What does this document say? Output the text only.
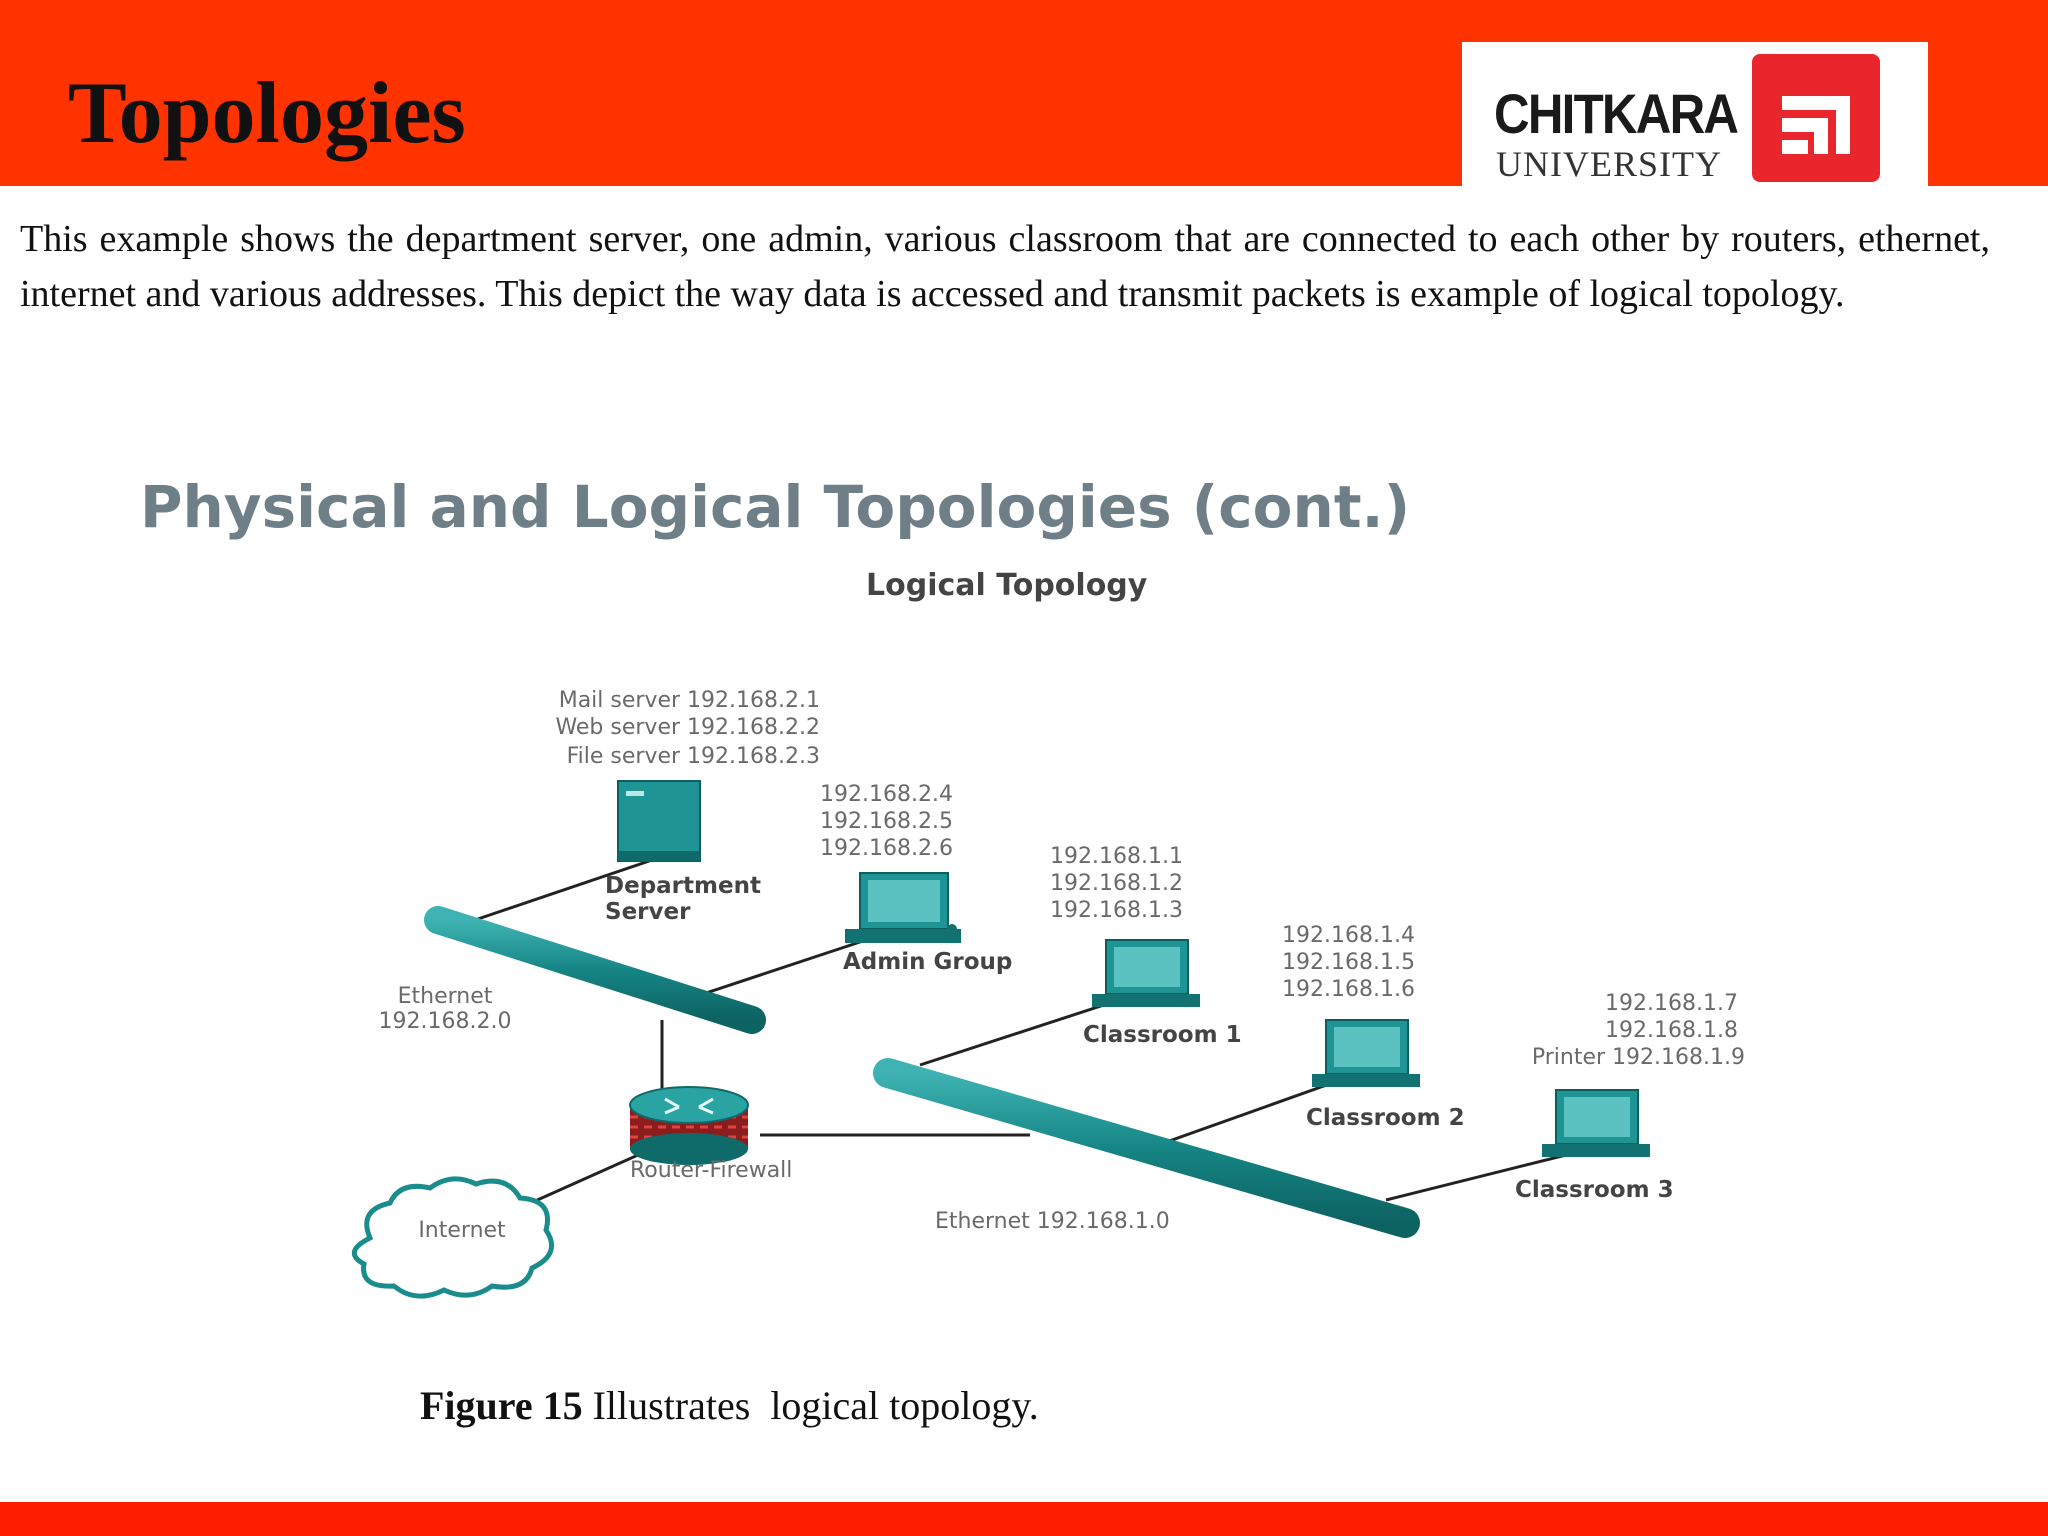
Topologies	CHITKARA
UNIVERSITY

This example shows the department server, one admin, various classroom that are connected to each other by routers, ethernet, internet and various addresses. This depict the way data is accessed and transmit packets is example of logical topology.

Physical and Logical Topologies (cont.)
Logical Topology
Mail server 192.168.2.1
Web server 192.168.2.2
File server 192.168.2.3
Department
Server
192.168.2.4
192.168.2.5
192.168.2.6
Admin Group
Ethernet
192.168.2.0
192.168.1.1
192.168.1.2
192.168.1.3
Classroom 1
192.168.1.4
192.168.1.5
192.168.1.6
Classroom 2
192.168.1.7
192.168.1.8
Printer 192.168.1.9
Classroom 3
Router-Firewall
Internet	Ethernet 192.168.1.0
Figure 15 Illustrates  logical topology.
